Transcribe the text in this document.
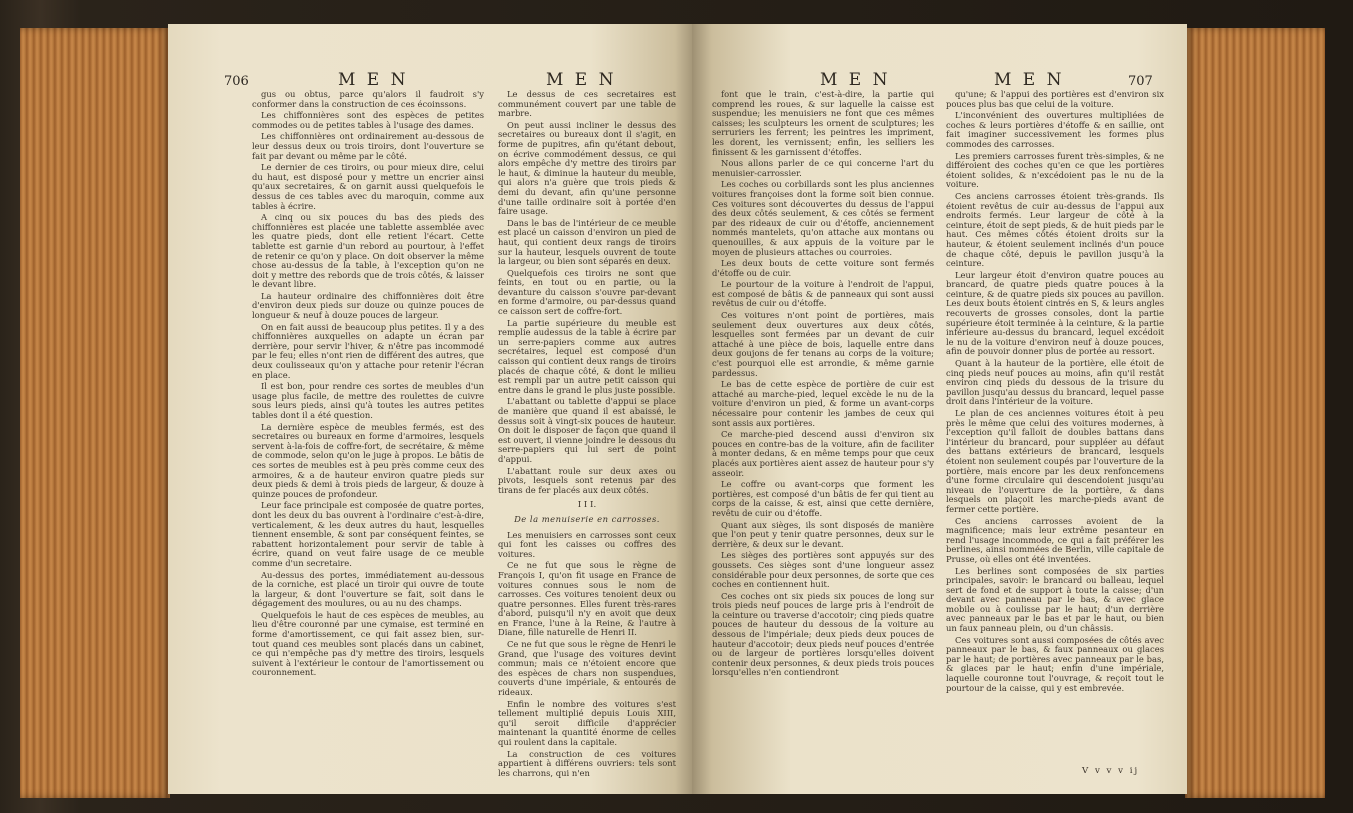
706	M E N	M E N

gus ou obtus, parce qu'alors il faudroit s'y conformer dans la construction de ces écoinssons.

Les chiffonnières sont des espèces de petites commodes ou de petites tables à l'usage des dames.

Les chiffonnières ont ordinairement au-dessous de leur dessus deux ou trois tiroirs, dont l'ouverture se fait par devant ou même par le côté.

Le dernier de ces tiroirs, ou pour mieux dire, celui du haut, est disposé pour y mettre un encrier ainsi qu'aux secretaires, & on garnit aussi quelquefois le dessus de ces tables avec du maroquin, comme aux tables à écrire.

A cinq ou six pouces du bas des pieds des chiffonnières est placée une tablette assemblée avec les quatre pieds, dont elle retient l'écart. Cette tablette est garnie d'un rebord au pourtour, à l'effet de retenir ce qu'on y place. On doit observer la même chose au-dessus de la table, à l'exception qu'on ne doit y mettre des rebords que de trois côtés, & laisser le devant libre.

La hauteur ordinaire des chiffonnières doit être d'environ deux pieds sur douze ou quinze pouces de longueur & neuf à douze pouces de largeur.

On en fait aussi de beaucoup plus petites. Il y a des chiffonnières auxquelles on adapte un écran par derrière, pour servir l'hiver, & n'être pas incommodé par le feu; elles n'ont rien de différent des autres, que deux coulisseaux qu'on y attache pour retenir l'écran en place.

Il est bon, pour rendre ces sortes de meubles d'un usage plus facile, de mettre des roulettes de cuivre sous leurs pieds, ainsi qu'à toutes les autres petites tables dont il a été question.

La dernière espèce de meubles fermés, est des secretaires ou bureaux en forme d'armoires, lesquels servent à-la-fois de coffre-fort, de secrétaire, & même de commode, selon qu'on le juge à propos. Le bâtis de ces sortes de meubles est à peu près comme ceux des armoires, & a de hauteur environ quatre pieds sur deux pieds & demi à trois pieds de largeur, & douze à quinze pouces de profondeur.

Leur face principale est composée de quatre portes, dont les deux du bas ouvrent à l'ordinaire c'est-à-dire, verticalement, & les deux autres du haut, lesquelles tiennent ensemble, & sont par conséquent feintes, se rabattent horizontalement pour servir de table à écrire, quand on veut faire usage de ce meuble comme d'un secretaire.

Au-dessus des portes, immédiatement au-dessous de la corniche, est placé un tiroir qui ouvre de toute la largeur, & dont l'ouverture se fait, soit dans le dégagement des moulures, ou au nu des champs.

Quelquefois le haut de ces espèces de meubles, au lieu d'être couronné par une cymaise, est terminé en forme d'amortissement, ce qui fait assez bien, sur-tout quand ces meubles sont placés dans un cabinet, ce qui n'empêche pas d'y mettre des tiroirs, lesquels suivent à l'extérieur le contour de l'amortissement ou couronnement.

Le dessus de ces secretaires est communément couvert par une table de marbre.

On peut aussi incliner le dessus des secretaires ou bureaux dont il s'agit, en forme de pupitres, afin qu'étant debout, on écrive commodément dessus, ce qui alors empêche d'y mettre des tiroirs par le haut, & diminue la hauteur du meuble, qui alors n'a guère que trois pieds & demi du devant, afin qu'une personne d'une taille ordinaire soit à portée d'en faire usage.

Dans le bas de l'intérieur de ce meuble est placé un caisson d'environ un pied de haut, qui contient deux rangs de tiroirs sur la hauteur, lesquels ouvrent de toute la largeur, ou bien sont séparés en deux.

Quelquefois ces tiroirs ne sont que feints, en tout ou en partie, ou la devanture du caisson s'ouvre par-devant en forme d'armoire, ou par-dessus quand ce caisson sert de coffre-fort.

La partie supérieure du meuble est remplie audessus de la table à écrire par un serre-papiers comme aux autres secrétaires, lequel est composé d'un caisson qui contient deux rangs de tiroirs placés de chaque côté, & dont le milieu est rempli par un autre petit caisson qui entre dans le grand le plus juste possible.

L'abattant ou tablette d'appui se place de manière que quand il est abaissé, le dessus soit à vingt-six pouces de hauteur. On doit le disposer de façon que quand il est ouvert, il vienne joindre le dessous du serre-papiers qui lui sert de point d'appui.

L'abattant roule sur deux axes ou pivots, lesquels sont retenus par des tirans de fer placés aux deux côtés.

I I I.

De la menuiserie en carrosses.

Les menuisiers en carrosses sont ceux qui font les caisses ou coffres des voitures.

Ce ne fut que sous le règne de François I, qu'on fit usage en France de voitures connues sous le nom de carrosses. Ces voitures tenoient deux ou quatre personnes. Elles furent très-rares d'abord, puisqu'il n'y en avoit que deux en France, l'une à la Reine, & l'autre à Diane, fille naturelle de Henri II.

Ce ne fut que sous le règne de Henri le Grand, que l'usage des voitures devint commun; mais ce n'étoient encore que des espèces de chars non suspendues, couverts d'une impériale, & entourés de rideaux.

Enfin le nombre des voitures s'est tellement multiplié depuis Louis XIII, qu'il seroit difficile d'apprécier maintenant la quantité énorme de celles qui roulent dans la capitale.

La construction de ces voitures appartient à différens ouvriers: tels sont les charrons, qui n'en

M E N	M E N	707

font que le train, c'est-à-dire, la partie qui comprend les roues, & sur laquelle la caisse est suspendue; les menuisiers ne font que ces mêmes caisses; les sculpteurs les ornent de sculptures; les serruriers les ferrent; les peintres les impriment, les dorent, les vernissent; enfin, les selliers les finissent & les garnissent d'étoffes.

Nous allons parler de ce qui concerne l'art du menuisier-carrossier.

Les coches ou corbillards sont les plus anciennes voitures françoises dont la forme soit bien connue. Ces voitures sont découvertes du dessus de l'appui des deux côtés seulement, & ces côtés se ferment par des rideaux de cuir ou d'étoffe, anciennement nommés mantelets, qu'on attache aux montans ou quenouilles, & aux appuis de la voiture par le moyen de plusieurs attaches ou courroies.

Les deux bouts de cette voiture sont fermés d'étoffe ou de cuir.

Le pourtour de la voiture à l'endroit de l'appui, est composé de bâtis & de panneaux qui sont aussi revêtus de cuir ou d'étoffe.

Ces voitures n'ont point de portières, mais seulement deux ouvertures aux deux côtés, lesquelles sont fermées par un devant de cuir attaché à une pièce de bois, laquelle entre dans deux goujons de fer tenans au corps de la voiture; c'est pourquoi elle est arrondie, & même garnie pardessus.

Le bas de cette espèce de portière de cuir est attaché au marche-pied, lequel excède le nu de la voiture d'environ un pied, & forme un avant-corps nécessaire pour contenir les jambes de ceux qui sont assis aux portières.

Ce marche-pied descend aussi d'environ six pouces en contre-bas de la voiture, afin de faciliter à monter dedans, & en même temps pour que ceux placés aux portières aient assez de hauteur pour s'y asseoir.

Le coffre ou avant-corps que forment les portières, est composé d'un bâtis de fer qui tient au corps de la caisse, & est, ainsi que cette dernière, revêtu de cuir ou d'étoffe.

Quant aux sièges, ils sont disposés de manière que l'on peut y tenir quatre personnes, deux sur le derrière, & deux sur le devant.

Les sièges des portières sont appuyés sur des goussets. Ces sièges sont d'une longueur assez considérable pour deux personnes, de sorte que ces coches en contiennent huit.

Ces coches ont six pieds six pouces de long sur trois pieds neuf pouces de large pris à l'endroit de la ceinture ou traverse d'accotoir; cinq pieds quatre pouces de hauteur du dessous de la voiture au dessous de l'impériale; deux pieds deux pouces de hauteur d'accotoir; deux pieds neuf pouces d'entrée ou de largeur de portières lorsqu'elles doivent contenir deux personnes, & deux pieds trois pouces lorsqu'elles n'en contiendront

qu'une; & l'appui des portières est d'environ six pouces plus bas que celui de la voiture.

L'inconvénient des ouvertures multipliées de coches & leurs portières d'étoffe & en saillie, ont fait imaginer successivement les formes plus commodes des carrosses.

Les premiers carrosses furent très-simples, & ne différoient des coches qu'en ce que les portières étoient solides, & n'excédoient pas le nu de la voiture.

Ces anciens carrosses étoient très-grands. Ils étoient revêtus de cuir au-dessus de l'appui aux endroits fermés. Leur largeur de côté à la ceinture, étoit de sept pieds, & de huit pieds par le haut. Ces mêmes côtés étoient droits sur la hauteur, & étoient seulement inclinés d'un pouce de chaque côté, depuis le pavillon jusqu'à la ceinture.

Leur largeur étoit d'environ quatre pouces au brancard, de quatre pieds quatre pouces à la ceinture, & de quatre pieds six pouces au pavillon. Les deux bouts étoient cintrés en S, & leurs angles recouverts de grosses consoles, dont la partie supérieure étoit terminée à la ceinture, & la partie inférieure au-dessus du brancard, lequel excédoit le nu de la voiture d'environ neuf à douze pouces, afin de pouvoir donner plus de portée au ressort.

Quant à la hauteur de la portière, elle étoit de cinq pieds neuf pouces au moins, afin qu'il restât environ cinq pieds du dessous de la trisure du pavillon jusqu'au dessus du brancard, lequel passe droit dans l'intérieur de la voiture.

Le plan de ces anciennes voitures étoit à peu près le même que celui des voitures modernes, à l'exception qu'il falloit de doubles battans dans l'intérieur du brancard, pour suppléer au défaut des battans extérieurs de brancard, lesquels étoient non seulement coupés par l'ouverture de la portière, mais encore par les deux renfoncemens d'une forme circulaire qui descendoient jusqu'au niveau de l'ouverture de la portière, & dans lesquels on plaçoit les marche-pieds avant de fermer cette portière.

Ces anciens carrosses avoient de la magnificence; mais leur extrême pesanteur en rend l'usage incommode, ce qui a fait préférer les berlines, ainsi nommées de Berlin, ville capitale de Prusse, où elles ont été inventées.

Les berlines sont composées de six parties principales, savoir: le brancard ou balleau, lequel sert de fond et de support à toute la caisse; d'un devant avec panneau par le bas, & avec glace mobile ou à coulisse par le haut; d'un derrière avec panneaux par le bas et par le haut, ou bien un faux panneau plein, ou d'un châssis.

Ces voitures sont aussi composées de côtés avec panneaux par le bas, & faux panneaux ou glaces par le haut; de portières avec panneaux par le bas, & glaces par le haut; enfin d'une impériale, laquelle couronne tout l'ouvrage, & reçoit tout le pourtour de la caisse, qui y est embrevée.

V v v v ij
